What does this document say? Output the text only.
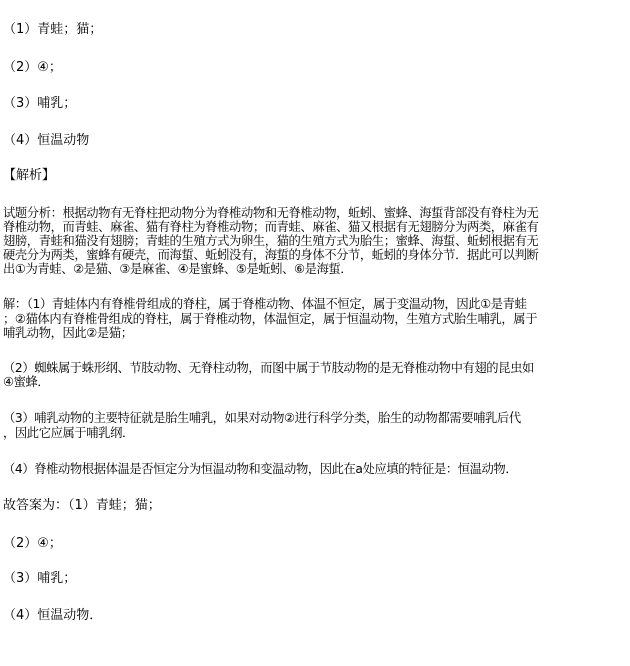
（1）青蛙；猫；
（2）④；
（3）哺乳；
（4）恒温动物
【解析】
试题分析：根据动物有无脊柱把动物分为脊椎动物和无脊椎动物，蚯蚓、蜜蜂、海蜇背部没有脊柱为无
脊椎动物，而青蛙、麻雀、猫有脊柱为脊椎动物；而青蛙、麻雀、猫又根据有无翅膀分为两类，麻雀有
翅膀，青蛙和猫没有翅膀；青蛙的生殖方式为卵生，猫的生殖方式为胎生；蜜蜂、海蜇、蚯蚓根据有无
硬壳分为两类，蜜蜂有硬壳，而海蜇、蚯蚓没有，海蜇的身体不分节，蚯蚓的身体分节．据此可以判断
出①为青蛙、②是猫、③是麻雀、④是蜜蜂、⑤是蚯蚓、⑥是海蜇．
解：（1）青蛙体内有脊椎骨组成的脊柱，属于脊椎动物、体温不恒定，属于变温动物，因此①是青蛙
；②猫体内有脊椎骨组成的脊柱，属于脊椎动物，体温恒定，属于恒温动物，生殖方式胎生哺乳，属于
哺乳动物，因此②是猫；
（2）蜘蛛属于蛛形纲、节肢动物、无脊柱动物，而图中属于节肢动物的是无脊椎动物中有翅的昆虫如
④蜜蜂．
（3）哺乳动物的主要特征就是胎生哺乳，如果对动物②进行科学分类，胎生的动物都需要哺乳后代
，因此它应属于哺乳纲．
（4）脊椎动物根据体温是否恒定分为恒温动物和变温动物，因此在a处应填的特征是：恒温动物．
故答案为：（1）青蛙；猫；
（2）④；
（3）哺乳；
（4）恒温动物．
